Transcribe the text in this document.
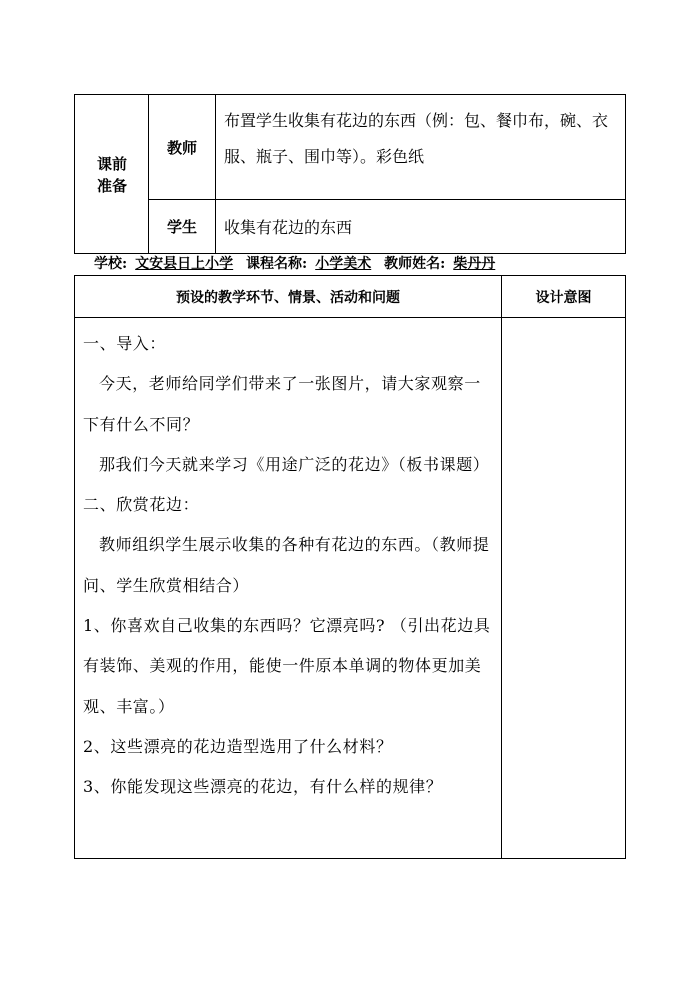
课前
准备
教师
布置学生收集有花边的东西（例：包、餐巾布，碗、衣服、瓶子、围巾等）。彩色纸
学生	收集有花边的东西
学校: 文安县日上小学 课程名称: 小学美术 教师姓名: 柴丹丹
预设的教学环节、情景、活动和问题	设计意图

一、导入：

今天，老师给同学们带来了一张图片，请大家观察一下有什么不同？

那我们今天就来学习《用途广泛的花边》（板书课题）

二、欣赏花边：

教师组织学生展示收集的各种有花边的东西。（教师提问、学生欣赏相结合）

1、你喜欢自己收集的东西吗？它漂亮吗? （引出花边具有装饰、美观的作用，能使一件原本单调的物体更加美观、丰富。）

2、这些漂亮的花边造型选用了什么材料？

3、你能发现这些漂亮的花边，有什么样的规律？
